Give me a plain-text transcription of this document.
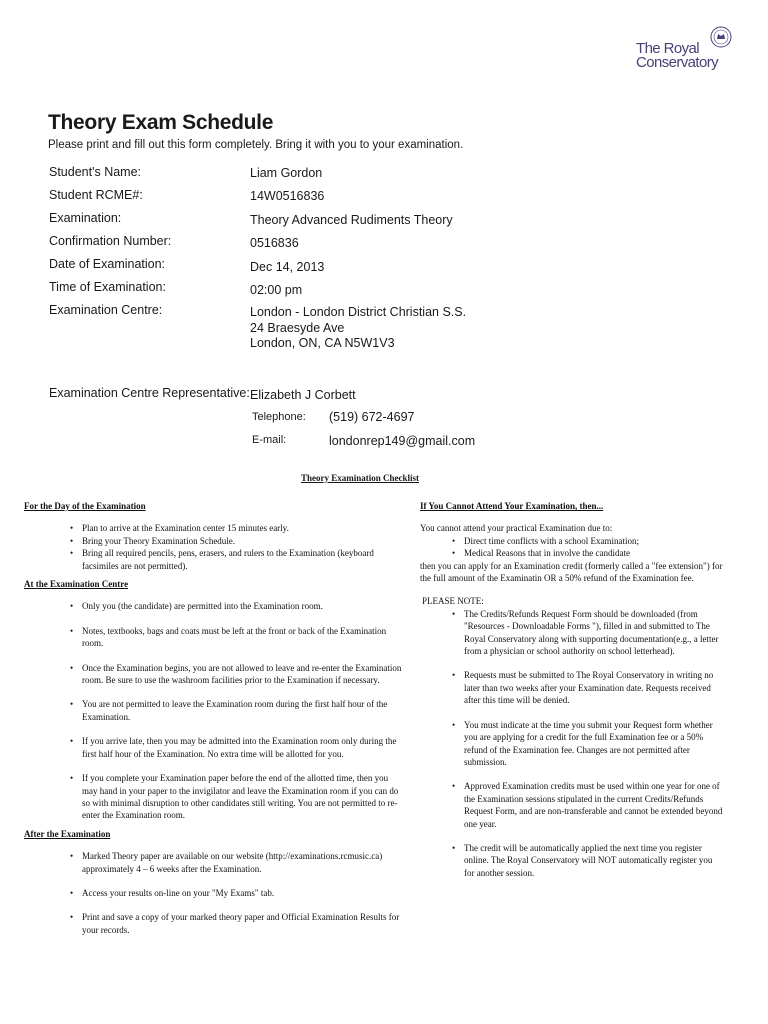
The Royal
Conservatory
Theory Exam Schedule
Please print and fill out this form completely. Bring it with you to your examination.
Student's Name:	Liam Gordon
Student RCME#:	14W0516836
Examination:	Theory Advanced Rudiments Theory
Confirmation Number:	0516836
Date of Examination:	Dec 14, 2013
Time of Examination:	02:00 pm
Examination Centre:	London - London District Christian S.S.
24 Braesyde Ave
London, ON, CA N5W1V3
Examination Centre Representative: Elizabeth J Corbett
Telephone: (519) 672-4697
E-mail:	londonrep149@gmail.com
Theory Examination Checklist
For the Day of the Examination
• Plan to arrive at the Examination center 15 minutes early.
• Bring your Theory Examination Schedule.
• Bring all required pencils, pens, erasers, and rulers to the Examination (keyboard facsimiles are not permitted).
At the Examination Centre
• Only you (the candidate) are permitted into the Examination room.
• Notes, textbooks, bags and coats must be left at the front or back of the Examination room.
• Once the Examination begins, you are not allowed to leave and re-enter the Examination room. Be sure to use the washroom facilities prior to the Examination if necessary.
• You are not permitted to leave the Examination room during the first half hour of the Examination.
• If you arrive late, then you may be admitted into the Examination room only during the first half hour of the Examination. No extra time will be allotted for you.
• If you complete your Examination paper before the end of the allotted time, then you may hand in your paper to the invigilator and leave the Examination room if you can do so with minimal disruption to other candidates still writing. You are not permitted to re-enter the Examination room.
After the Examination
• Marked Theory paper are available on our website (http://examinations.rcmusic.ca) approximately 4 – 6 weeks after the Examination.
• Access your results on-line on your "My Exams" tab.
• Print and save a copy of your marked theory paper and Official Examination Results for your records.
If You Cannot Attend Your Examination, then...

You cannot attend your practical Examination due to:

• Direct time conflicts with a school Examination;
• Medical Reasons that in involve the candidate

then you can apply for an Examination credit (formerly called a "fee extension") for the full amount of the Examinatin OR a 50% refund of the Examination fee.

PLEASE NOTE:

• The Credits/Refunds Request Form should be downloaded (from "Resources - Downloadable Forms "), filled in and submitted to The Royal Conservatory along with supporting documentation(e.g., a letter from a physician or school authority on school letterhead).
• Requests must be submitted to The Royal Conservatory in writing no later than two weeks after your Examination date. Requests received after this time will be denied.
• You must indicate at the time you submit your Request form whether you are applying for a credit for the full Examination fee or a 50% refund of the Examination fee. Changes are not permitted after submission.
• Approved Examination credits must be used within one year for one of the Examination sessions stipulated in the current Credits/Refunds Request Form, and are non-transferable and cannot be extended beyond one year.
• The credit will be automatically applied the next time you register online. The Royal Conservatory will NOT automatically register you for another session.
